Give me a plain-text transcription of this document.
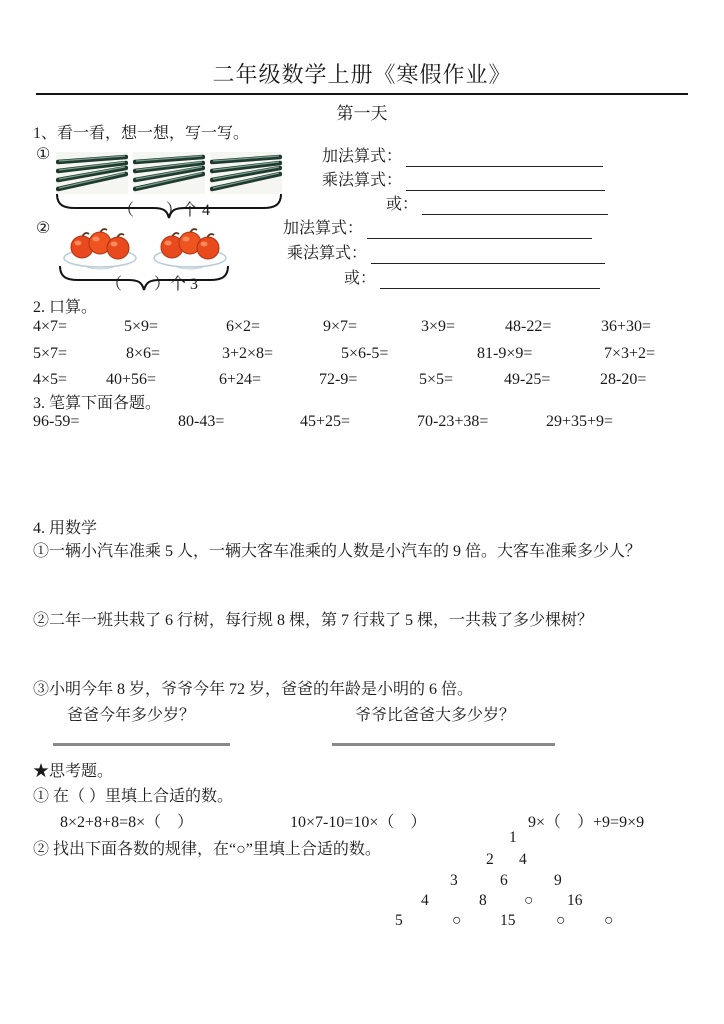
二年级数学上册《寒假作业》
第一天
1、看一看，想一想，写一写。
①
（　　）个 4
加法算式：
乘法算式：
或：
②
（　　）个 3
加法算式：
乘法算式：
或：
2. 口算。
4×7=	5×9=	6×2=	9×7=	3×9=	48-22=	36+30=
5×7=	8×6=	3+2×8=	5×6-5=	81-9×9=	7×3+2=
4×5= 40+56=	6+24=	72-9=	5×5=	49-25=	28-20=
3. 笔算下面各题。
96-59=	80-43=	45+25=	70-23+38=	29+35+9=
4. 用数学
①一辆小汽车准乘 5 人，一辆大客车准乘的人数是小汽车的 9 倍。大客车准乘多少人？
②二年一班共栽了 6 行树，每行规 8 棵，第 7 行栽了 5 棵，一共栽了多少棵树？
③小明今年 8 岁，爷爷今年 72 岁，爸爸的年龄是小明的 6 倍。
爸爸今年多少岁？	爷爷比爸爸大多少岁？
★思考题。
① 在（ ）里填上合适的数。
8×2+8+8=8×（　）	10×7-10=10×（　）	9×（　）+9=9×9
② 找出下面各数的规律，在“○”里填上合适的数。
1
2 4
3	6	9
4	8 ○ 16
5	○ 15	○ ○
